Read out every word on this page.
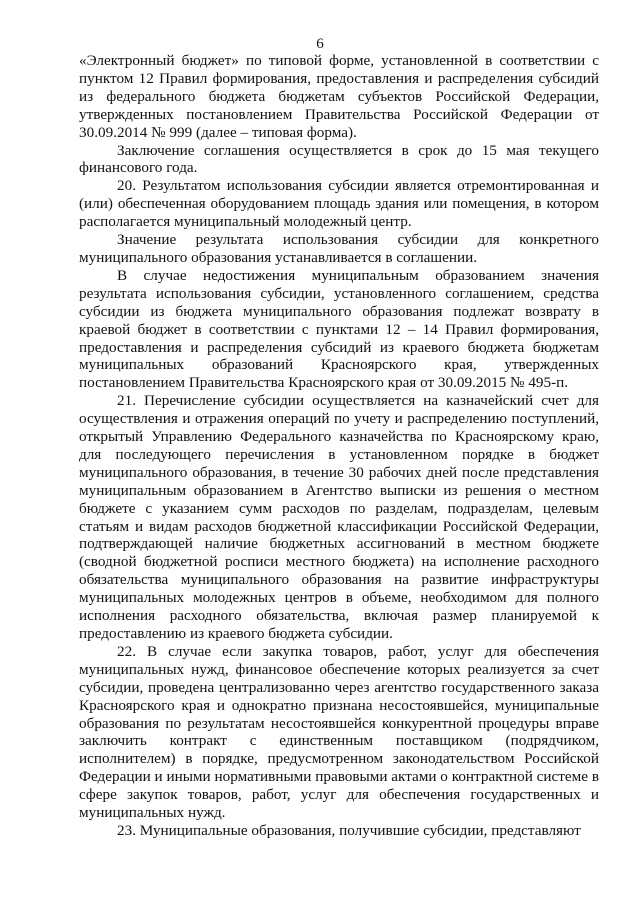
6

«Электронный бюджет» по типовой форме, установленной в соответствии с пунктом 12 Правил формирования, предоставления и распределения субсидий из федерального бюджета бюджетам субъектов Российской Федерации, утвержденных постановлением Правительства Российской Федерации от 30.09.2014 № 999 (далее – типовая форма).

Заключение соглашения осуществляется в срок до 15 мая текущего финансового года.

20. Результатом использования субсидии является отремонтированная и (или) обеспеченная оборудованием площадь здания или помещения, в котором располагается муниципальный молодежный центр.

Значение результата использования субсидии для конкретного муниципального образования устанавливается в соглашении.

В случае недостижения муниципальным образованием значения результата использования субсидии, установленного соглашением, средства субсидии из бюджета муниципального образования подлежат возврату в краевой бюджет в соответствии с пунктами 12 – 14 Правил формирования, предоставления и распределения субсидий из краевого бюджета бюджетам муниципальных образований Красноярского края, утвержденных постановлением Правительства Красноярского края от 30.09.2015 № 495-п.

21. Перечисление субсидии осуществляется на казначейский счет для осуществления и отражения операций по учету и распределению поступлений, открытый Управлению Федерального казначейства по Красноярскому краю, для последующего перечисления в установленном порядке в бюджет муниципального образования, в течение 30 рабочих дней после представления муниципальным образованием в Агентство выписки из решения о местном бюджете с указанием сумм расходов по разделам, подразделам, целевым статьям и видам расходов бюджетной классификации Российской Федерации, подтверждающей наличие бюджетных ассигнований в местном бюджете (сводной бюджетной росписи местного бюджета) на исполнение расходного обязательства муниципального образования на развитие инфраструктуры муниципальных молодежных центров в объеме, необходимом для полного исполнения расходного обязательства, включая размер планируемой к предоставлению из краевого бюджета субсидии.

22. В случае если закупка товаров, работ, услуг для обеспечения муниципальных нужд, финансовое обеспечение которых реализуется за счет субсидии, проведена централизованно через агентство государственного заказа Красноярского края и однократно признана несостоявшейся, муниципальные образования по результатам несостоявшейся конкурентной процедуры вправе заключить контракт с единственным поставщиком (подрядчиком, исполнителем) в порядке, предусмотренном законодательством Российской Федерации и иными нормативными правовыми актами о контрактной системе в сфере закупок товаров, работ, услуг для обеспечения государственных и муниципальных нужд.

23. Муниципальные образования, получившие субсидии, представляют
